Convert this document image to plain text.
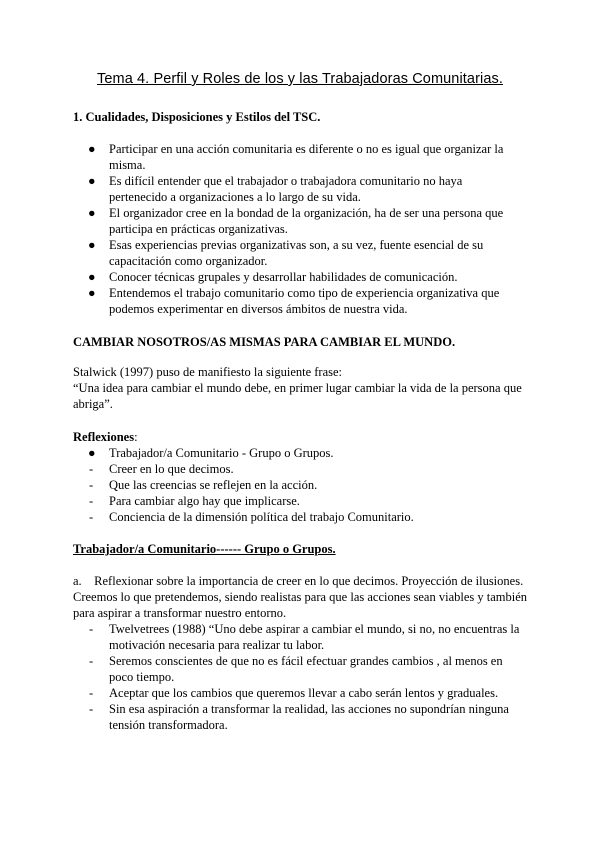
Tema 4. Perfil y Roles de los y las Trabajadoras Comunitarias.
1. Cualidades, Disposiciones y Estilos del TSC.
● Participar en una acción comunitaria es diferente o no es igual que organizar la misma.
● Es difícil entender que el trabajador o trabajadora comunitario no haya pertenecido a organizaciones a lo largo de su vida.
● El organizador cree en la bondad de la organización, ha de ser una persona que participa en prácticas organizativas.
● Esas experiencias previas organizativas son, a su vez, fuente esencial de su capacitación como organizador.
● Conocer técnicas grupales y desarrollar habilidades de comunicación.
● Entendemos el trabajo comunitario como tipo de experiencia organizativa que podemos experimentar en diversos ámbitos de nuestra vida.
CAMBIAR NOSOTROS/AS MISMAS PARA CAMBIAR EL MUNDO.
Stalwick (1997) puso de manifiesto la siguiente frase:
“Una idea para cambiar el mundo debe, en primer lugar cambiar la vida de la persona que abriga”.
Reflexiones:
● Trabajador/a Comunitario - Grupo o Grupos.
- Creer en lo que decimos.
- Que las creencias se reflejen en la acción.
- Para cambiar algo hay que implicarse.
- Conciencia de la dimensión política del trabajo Comunitario.
Trabajador/a Comunitario------ Grupo o Grupos.
a.    Reflexionar sobre la importancia de creer en lo que decimos. Proyección de ilusiones. Creemos lo que pretendemos, siendo realistas para que las acciones sean viables y también para aspirar a transformar nuestro entorno.
- Twelvetrees (1988) “Uno debe aspirar a cambiar el mundo, si no, no encuentras la motivación necesaria para realizar tu labor.
- Seremos conscientes de que no es fácil efectuar grandes cambios , al menos en poco tiempo.
- Aceptar que los cambios que queremos llevar a cabo serán lentos y graduales.
- Sin esa aspiración a transformar la realidad, las acciones no supondrían ninguna tensión transformadora.
